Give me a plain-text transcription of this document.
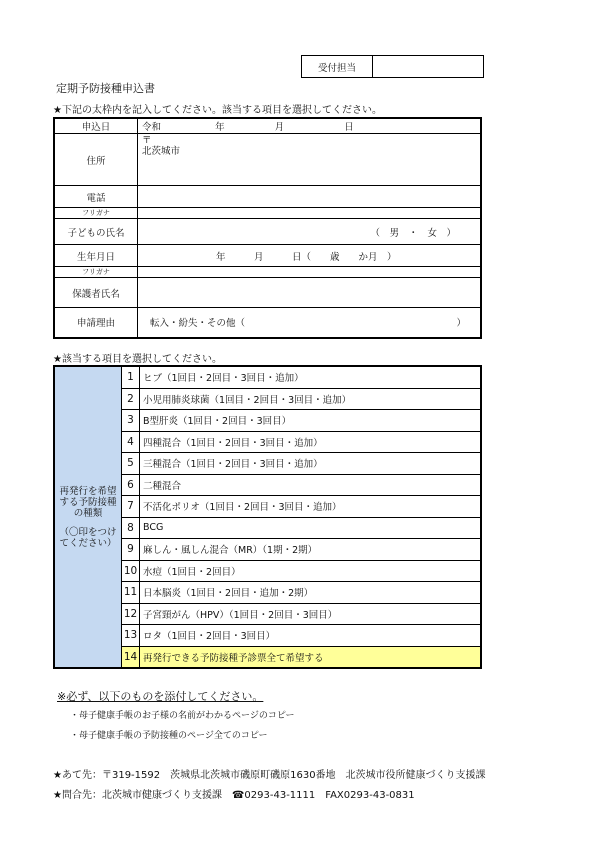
受付担当
定期予防接種申込書
★下記の太枠内を記入してください。該当する項目を選択してください。
申込日	令和 年 月 日
住所	〒
北茨城市

電話	
フリガナ	
子どもの氏名	（　男　・　女　）
生年月日	年　　　月　　　日（　　歳　　か月　）
フリガナ	
保護者氏名	
申請理由	転入・紛失・その他（ ）
★該当する項目を選択してください。
再発行を希望
する予防接種
の種類
（〇印をつけ
てください）	1	ヒブ（1回目・2回目・3回目・追加）
	2	小児用肺炎球菌（1回目・2回目・3回目・追加）
	3	B型肝炎（1回目・2回目・3回目）
	4	四種混合（1回目・2回目・3回目・追加）
	5	三種混合（1回目・2回目・3回目・追加）
	6	二種混合
	7	不活化ポリオ（1回目・2回目・3回目・追加）
	8	BCG
	9	麻しん・風しん混合（MR）（1期・2期）
	10	水痘（1回目・2回目）
	11	日本脳炎（1回目・2回目・追加・2期）
	12	子宮頸がん（HPV）（1回目・2回目・3回目）
	13	ロタ（1回目・2回目・3回目）
	14	再発行できる予防接種予診票全て希望する
※必ず、以下のものを添付してください。
・母子健康手帳のお子様の名前がわかるページのコピー
・母子健康手帳の予防接種のページ全てのコピー
★あて先：〒319-1592　茨城県北茨城市磯原町磯原1630番地　北茨城市役所健康づくり支援課
★問合先：北茨城市健康づくり支援課　☎0293-43-1111　FAX0293-43-0831
